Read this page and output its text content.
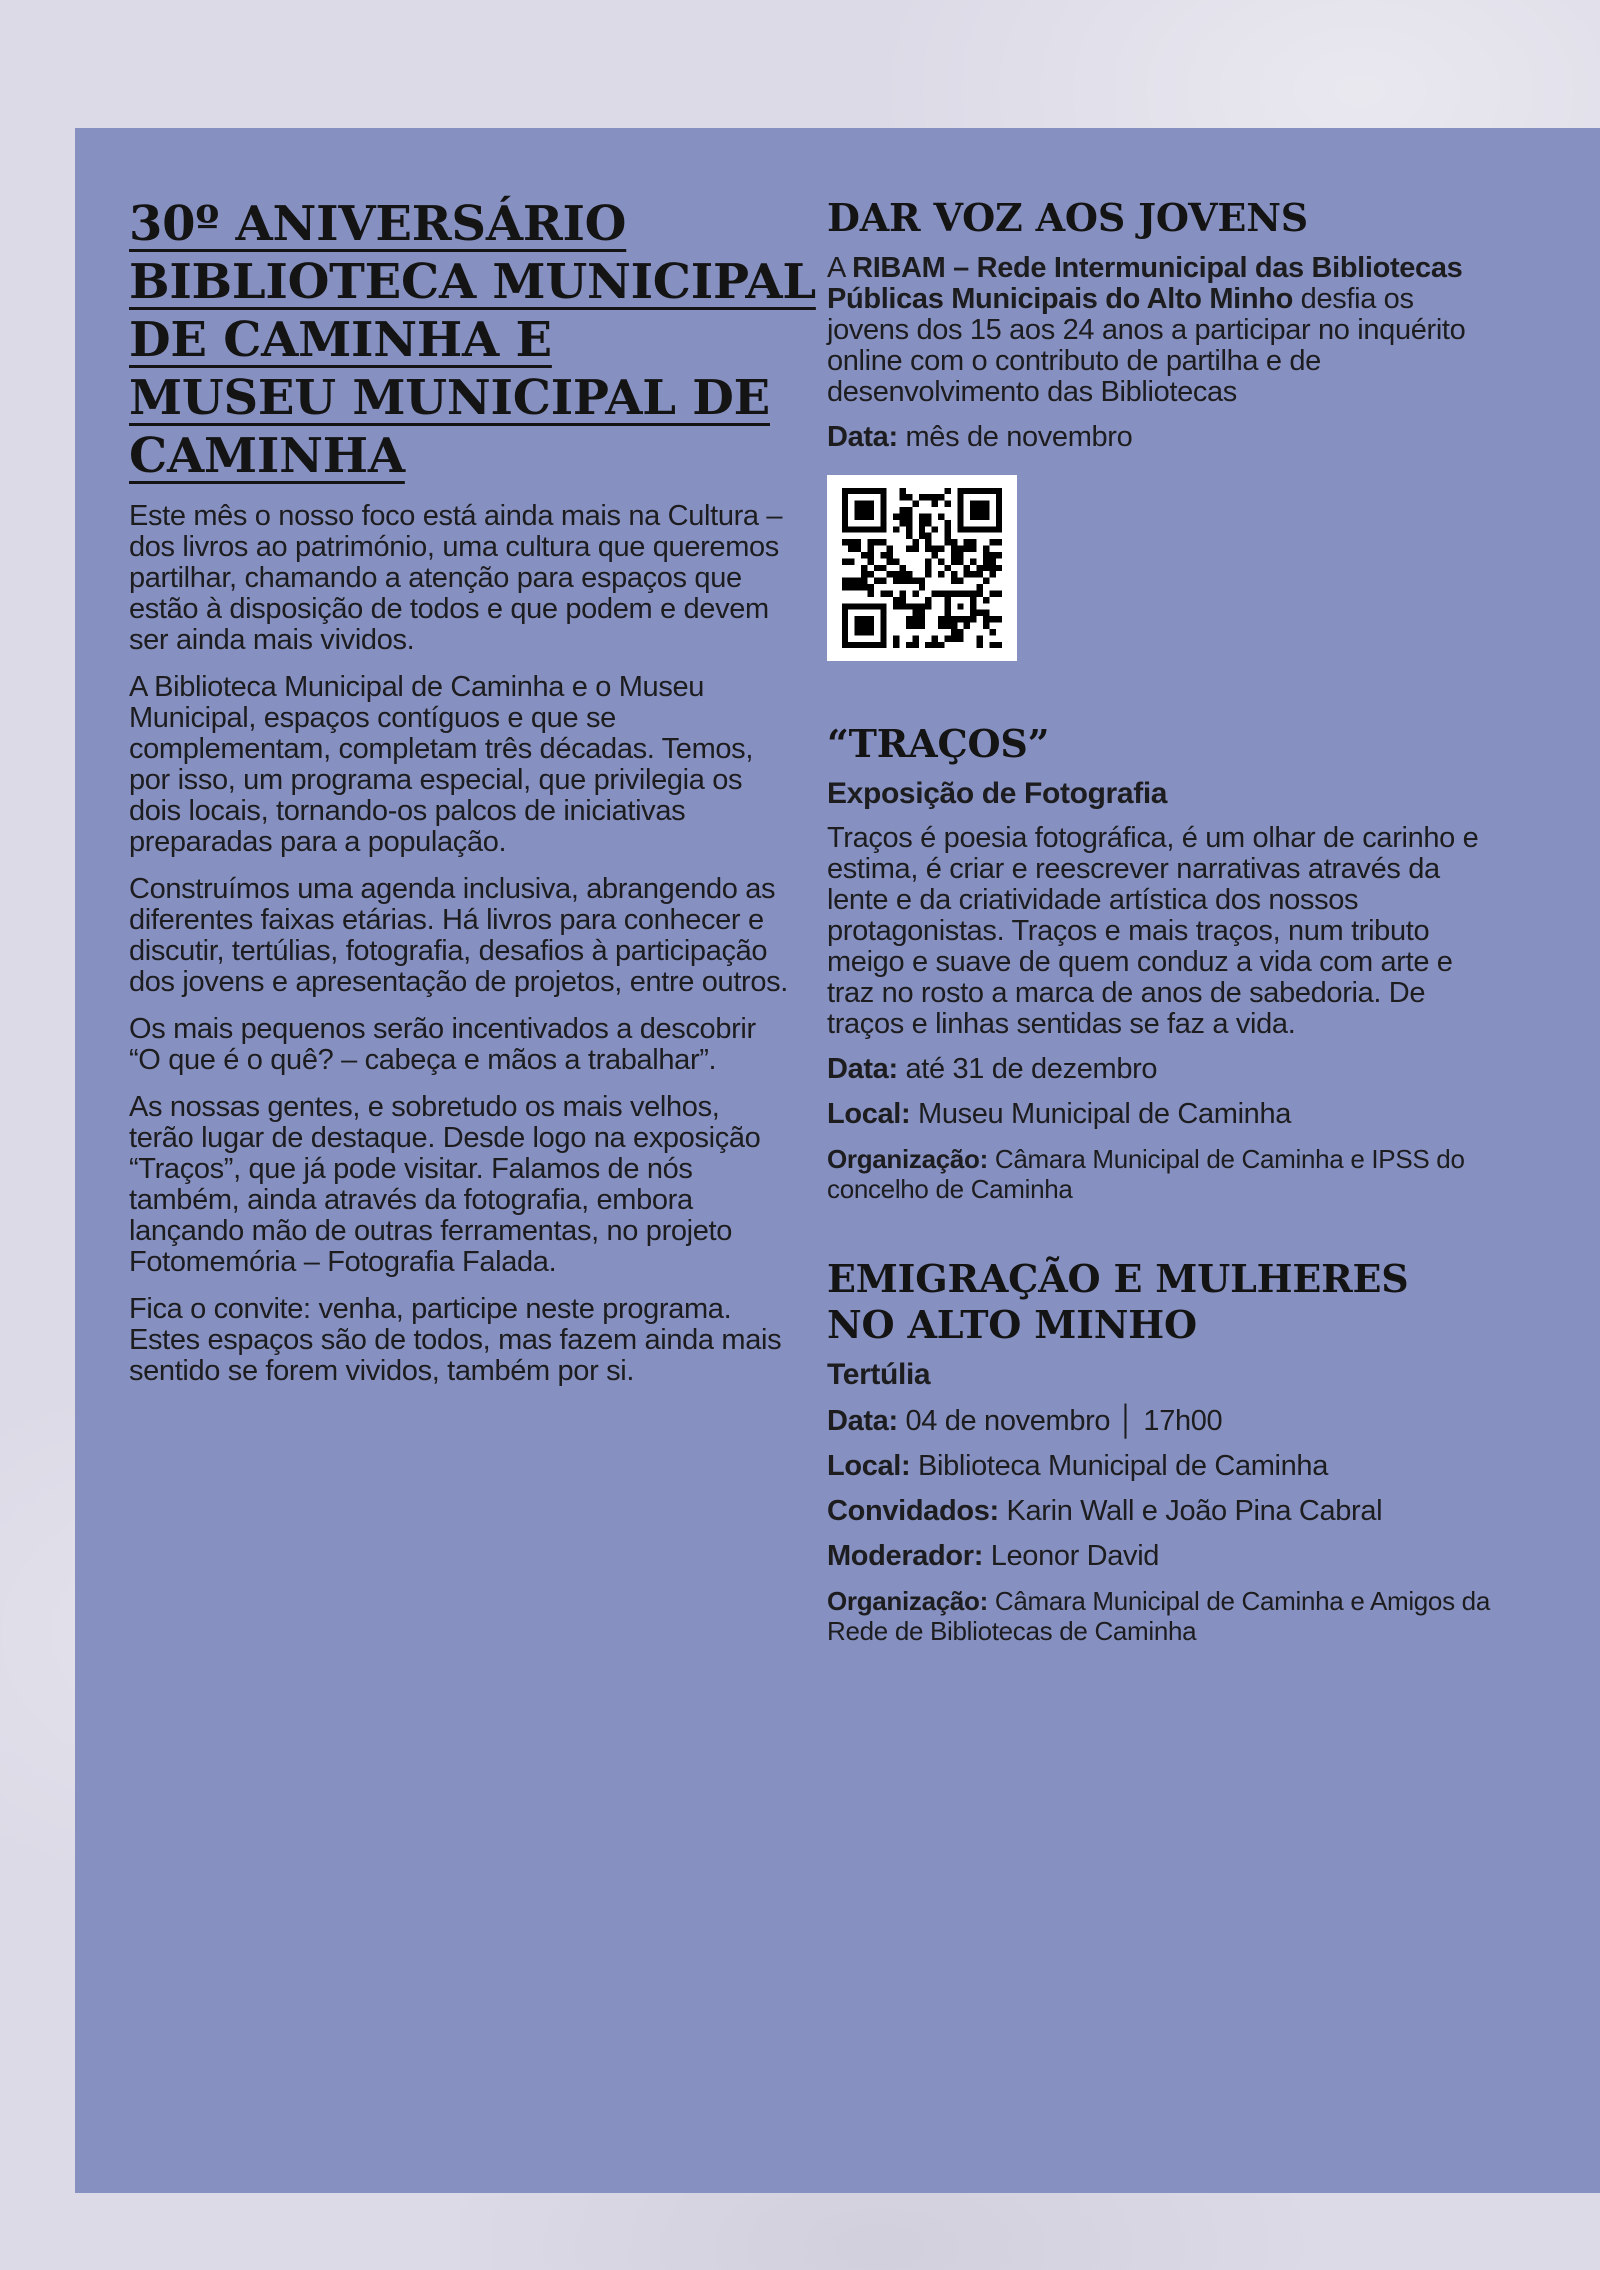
30º ANIVERSÁRIO
BIBLIOTECA MUNICIPAL
DE CAMINHA E
MUSEU MUNICIPAL DE
CAMINHA

Este mês o nosso foco está ainda mais na Cultura – dos livros ao património, uma cultura que queremos partilhar, chamando a atenção para espaços que estão à disposição de todos e que podem e devem ser ainda mais vividos.

A Biblioteca Municipal de Caminha e o Museu Municipal, espaços contíguos e que se complementam, completam três décadas. Temos, por isso, um programa especial, que privilegia os dois locais, tornando-os palcos de iniciativas preparadas para a população.

Construímos uma agenda inclusiva, abrangendo as diferentes faixas etárias. Há livros para conhecer e discutir, tertúlias, fotografia, desafios à participação dos jovens e apresentação de projetos, entre outros.

Os mais pequenos serão incentivados a descobrir “O que é o quê? – cabeça e mãos a trabalhar”.

As nossas gentes, e sobretudo os mais velhos, terão lugar de destaque. Desde logo na exposição “Traços”, que já pode visitar. Falamos de nós também, ainda através da fotografia, embora lançando mão de outras ferramentas, no projeto Fotomemória – Fotografia Falada.

Fica o convite: venha, participe neste programa. Estes espaços são de todos, mas fazem ainda mais sentido se forem vividos, também por si.

DAR VOZ AOS JOVENS

A RIBAM – Rede Intermunicipal das Bibliotecas Públicas Municipais do Alto Minho desfia os jovens dos 15 aos 24 anos a participar no inquérito online com o contributo de partilha e de desenvolvimento das Bibliotecas

Data: mês de novembro
“TRAÇOS”
Exposição de Fotografia

Traços é poesia fotográfica, é um olhar de carinho e estima, é criar e reescrever narrativas através da lente e da criatividade artística dos nossos protagonistas. Traços e mais traços, num tributo meigo e suave de quem conduz a vida com arte e traz no rosto a marca de anos de sabedoria. De traços e linhas sentidas se faz a vida.

Data: até 31 de dezembro
Local: Museu Municipal de Caminha
Organização: Câmara Municipal de Caminha e IPSS do concelho de Caminha
EMIGRAÇÃO E MULHERES
NO ALTO MINHO
Tertúlia
Data: 04 de novembro │ 17h00
Local: Biblioteca Municipal de Caminha
Convidados: Karin Wall e João Pina Cabral
Moderador: Leonor David
Organização: Câmara Municipal de Caminha e Amigos da Rede de Bibliotecas de Caminha
